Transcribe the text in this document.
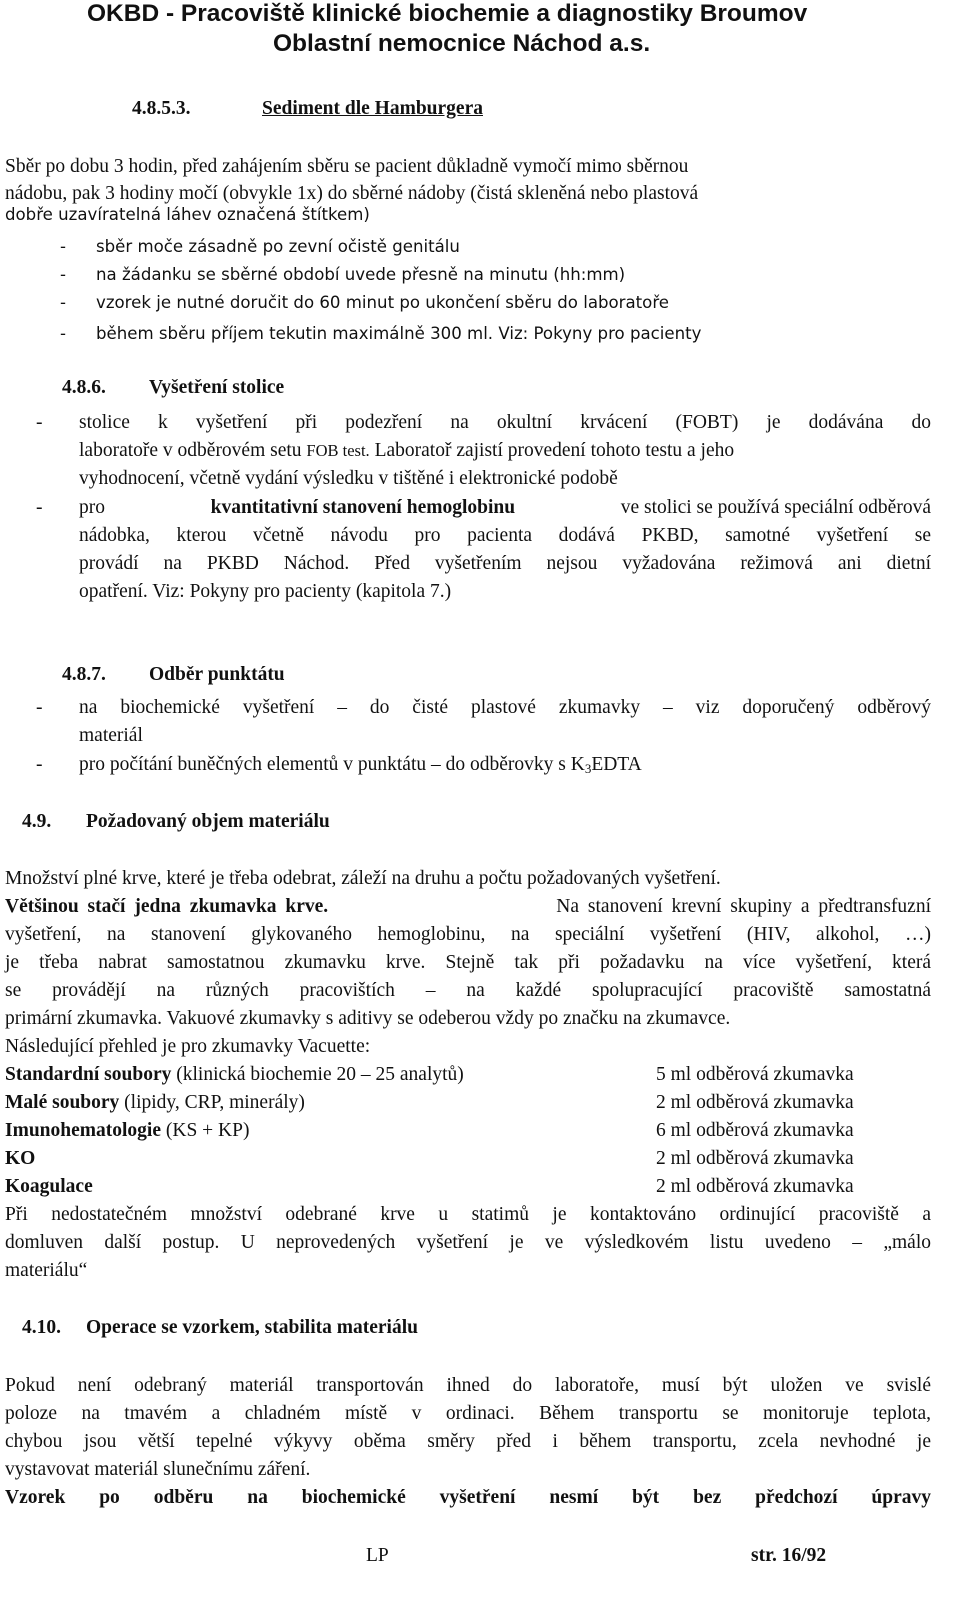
OKBD - Pracoviště klinické biochemie a diagnostiky Broumov
Oblastní nemocnice Náchod a.s.
4.8.5.3.	Sediment dle Hamburgera
Sběr po dobu 3 hodin, před zahájením sběru se pacient důkladně vymočí mimo sběrnou
nádobu, pak 3 hodiny močí (obvykle 1x) do sběrné nádoby (čistá skleněná nebo plastová
dobře uzavíratelná láhev označená štítkem)
- sběr moče zásadně po zevní očistě genitálu
- na žádanku se sběrné období uvede přesně na minutu (hh:mm)
- vzorek je nutné doručit do 60 minut po ukončení sběru do laboratoře
- během sběru příjem tekutin maximálně 300 ml. Viz: Pokyny pro pacienty
4.8.6. Vyšetření stolice
- stolice k vyšetření při podezření na okultní krvácení (FOBT) je dodávána do
laboratoře v odběrovém setu FOB test. Laboratoř zajistí provedení tohoto testu a jeho
vyhodnocení, včetně vydání výsledku v tištěné i elektronické podobě
- pro	kvantitativní stanovení hemoglobinu	ve stolici se používá speciální odběrová
nádobka, kterou včetně návodu pro pacienta dodává PKBD, samotné vyšetření se
provádí na PKBD Náchod. Před vyšetřením nejsou vyžadována režimová ani dietní
opatření. Viz: Pokyny pro pacienty (kapitola 7.)
4.8.7. Odběr punktátu
- na biochemické vyšetření – do čisté plastové zkumavky – viz doporučený odběrový
materiál
- pro počítání buněčných elementů v punktátu – do odběrovky s K3EDTA
4.9. Požadovaný objem materiálu
Množství plné krve, které je třeba odebrat, záleží na druhu a počtu požadovaných vyšetření.
Většinou stačí jedna zkumavka krve.	Na stanovení krevní skupiny a předtransfuzní
vyšetření, na stanovení glykovaného hemoglobinu, na speciální vyšetření (HIV, alkohol, …)
je třeba nabrat samostatnou zkumavku krve. Stejně tak při požadavku na více vyšetření, která
se provádějí na různých pracovištích – na každé spolupracující pracoviště samostatná
primární zkumavka. Vakuové zkumavky s aditivy se odeberou vždy po značku na zkumavce.
Následující přehled je pro zkumavky Vacuette:
Standardní soubory (klinická biochemie 20 – 25 analytů)	5 ml odběrová zkumavka
Malé soubory (lipidy, CRP, minerály)	2 ml odběrová zkumavka
Imunohematologie (KS + KP)	6 ml odběrová zkumavka
KO	2 ml odběrová zkumavka
Koagulace	2 ml odběrová zkumavka
Při nedostatečném množství odebrané krve u statimů je kontaktováno ordinující pracoviště a
domluven další postup. U neprovedených vyšetření je ve výsledkovém listu uvedeno – „málo
materiálu“
4.10. Operace se vzorkem, stabilita materiálu
Pokud není odebraný materiál transportován ihned do laboratoře, musí být uložen ve svislé
poloze na tmavém a chladném místě v ordinaci. Během transportu se monitoruje teplota,
chybou jsou větší tepelné výkyvy oběma směry před i během transportu, zcela nevhodné je
vystavovat materiál slunečnímu záření.
Vzorek po odběru na biochemické vyšetření nesmí být bez předchozí úpravy
LP	str. 16/92
